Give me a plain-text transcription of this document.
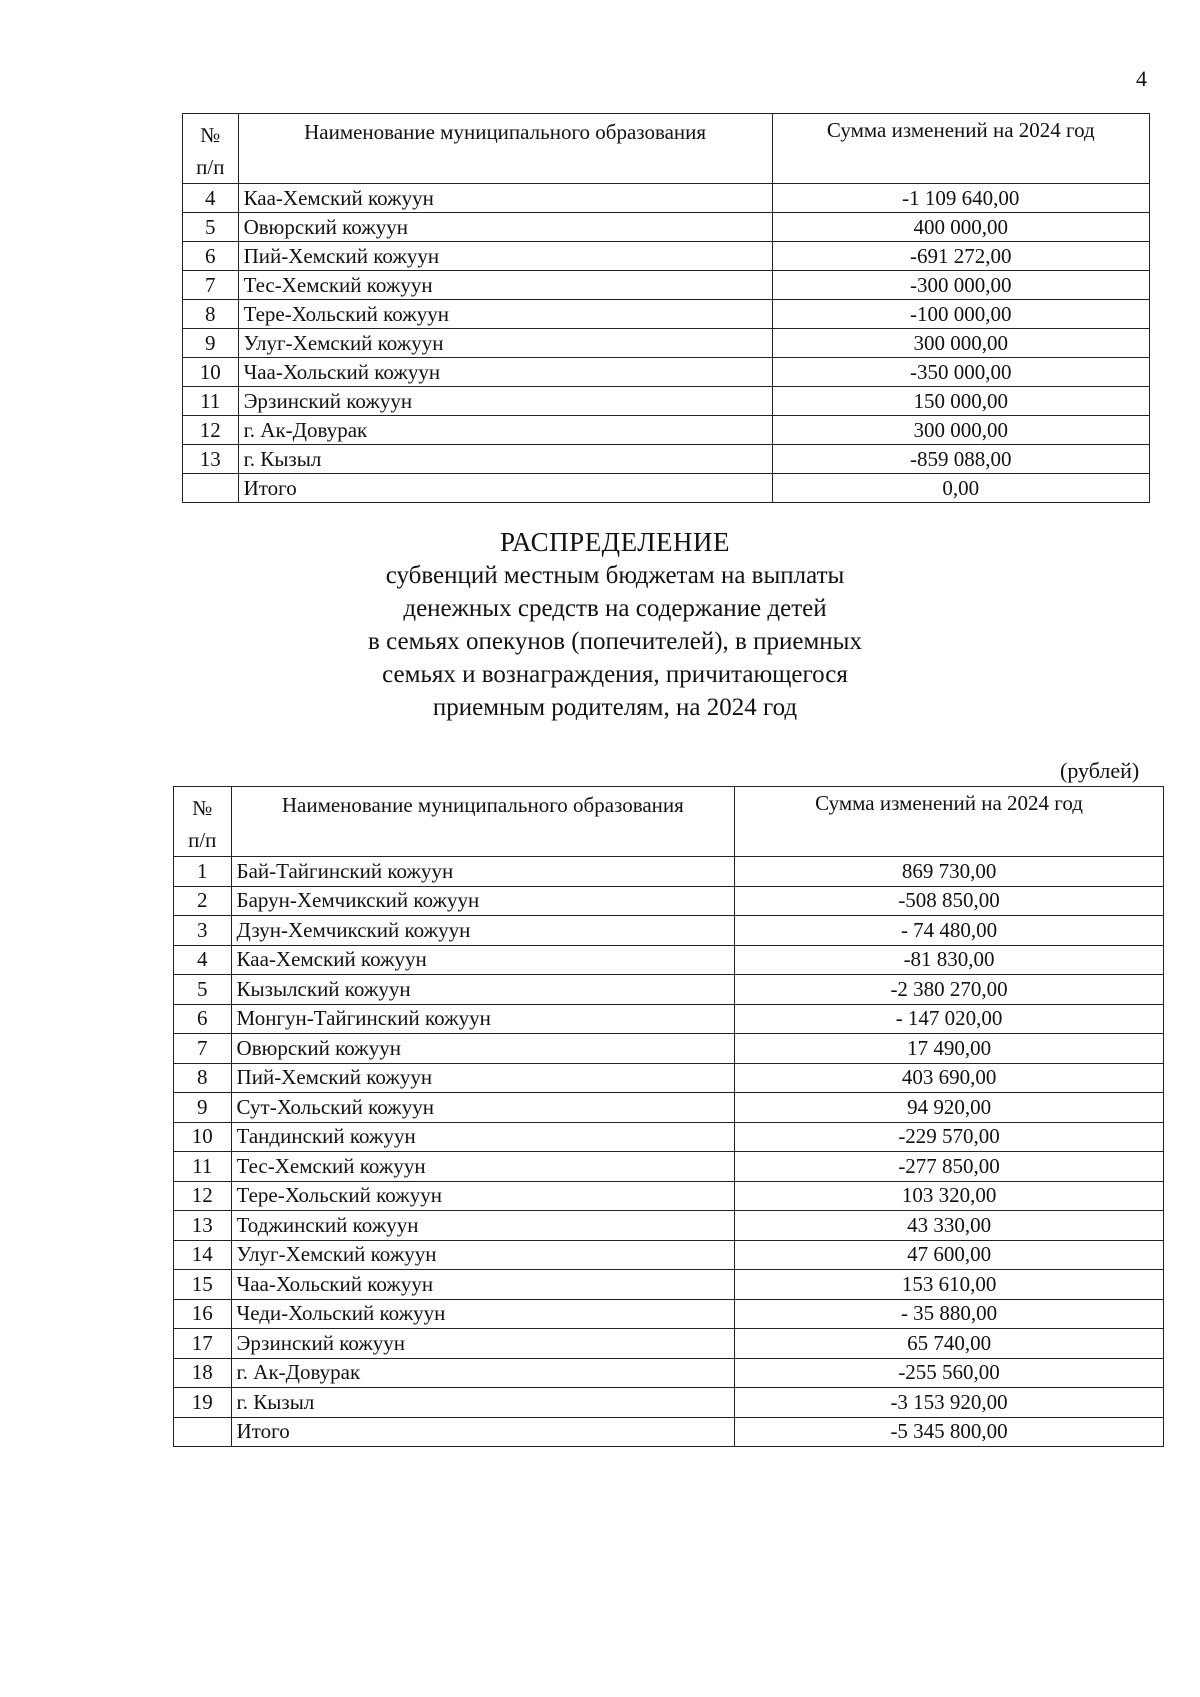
4
№
п/п	Наименование муниципального образования	Сумма изменений на 2024 год
4	Каа-Хемский кожуун	-1 109 640,00
5	Овюрский кожуун	400 000,00
6	Пий-Хемский кожуун	-691 272,00
7	Тес-Хемский кожуун	-300 000,00
8	Тере-Хольский кожуун	-100 000,00
9	Улуг-Хемский кожуун	300 000,00
10	Чаа-Хольский кожуун	-350 000,00
11	Эрзинский кожуун	150 000,00
12	г. Ак-Довурак	300 000,00
13	г. Кызыл	-859 088,00
	Итого	0,00
РАСПРЕДЕЛЕНИЕ
субвенций местным бюджетам на выплаты
денежных средств на содержание детей
в семьях опекунов (попечителей), в приемных
семьях и вознаграждения, причитающегося
приемным родителям, на 2024 год
(рублей)
№
п/п	Наименование муниципального образования	Сумма изменений на 2024 год
1	Бай-Тайгинский кожуун	869 730,00
2	Барун-Хемчикский кожуун	-508 850,00
3	Дзун-Хемчикский кожуун	- 74 480,00
4	Каа-Хемский кожуун	-81 830,00
5	Кызылский кожуун	-2 380 270,00
6	Монгун-Тайгинский кожуун	- 147 020,00
7	Овюрский кожуун	17 490,00
8	Пий-Хемский кожуун	403 690,00
9	Сут-Хольский кожуун	94 920,00
10	Тандинский кожуун	-229 570,00
11	Тес-Хемский кожуун	-277 850,00
12	Тере-Хольский кожуун	103 320,00
13	Тоджинский кожуун	43 330,00
14	Улуг-Хемский кожуун	47 600,00
15	Чаа-Хольский кожуун	153 610,00
16	Чеди-Хольский кожуун	- 35 880,00
17	Эрзинский кожуун	65 740,00
18	г. Ак-Довурак	-255 560,00
19	г. Кызыл	-3 153 920,00
	Итого	-5 345 800,00
